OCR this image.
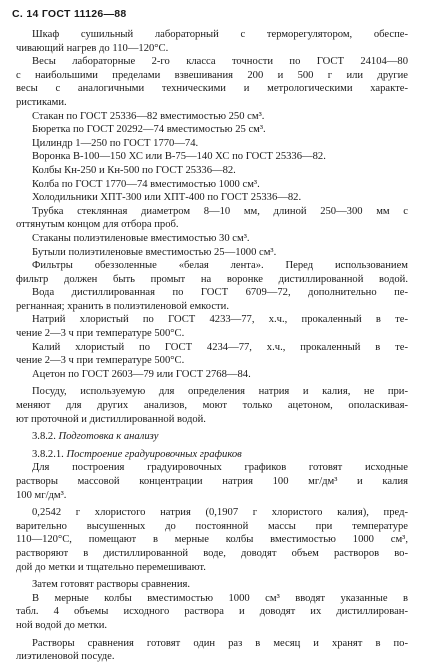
С. 14 ГОСТ 11126—88
Шкаф сушильный лабораторный с терморегулятором, обеспе-
чивающий нагрев до 110—120°С.
Весы лабораторные 2-го класса точности по ГОСТ 24104—80
с наибольшими пределами взвешивания 200 и 500 г или другие
весы с аналогичными техническими и метрологическими характе-
ристиками.
Стакан по ГОСТ 25336—82 вместимостью 250 см³.
Бюретка по ГОСТ 20292—74 вместимостью 25 см³.
Цилиндр 1—250 по ГОСТ 1770—74.
Воронка В-100—150 ХС или В-75—140 ХС по ГОСТ 25336—82.
Колбы Кн-250 и Кн-500 по ГОСТ 25336—82.
Колба по ГОСТ 1770—74 вместимостью 1000 см³.
Холодильники ХПТ-300 или ХПТ-400 по ГОСТ 25336—82.
Трубка стеклянная диаметром 8—10 мм, длиной 250—300 мм с
оттянутым концом для отбора проб.
Стаканы полиэтиленовые вместимостью 30 см³.
Бутыли полиэтиленовые вместимостью 25—1000 см³.
Фильтры обеззоленные «белая лента». Перед использованием
фильтр должен быть промыт на воронке дистиллированной водой.
Вода дистиллированная по ГОСТ 6709—72, дополнительно пе-
регнанная; хранить в полиэтиленовой емкости.
Натрий хлористый по ГОСТ 4233—77, х.ч., прокаленный в те-
чение 2—3 ч при температуре 500°С.
Калий хлористый по ГОСТ 4234—77, х.ч., прокаленный в те-
чение 2—3 ч при температуре 500°С.
Ацетон по ГОСТ 2603—79 или ГОСТ 2768—84.
Посуду, используемую для определения натрия и калия, не при-
меняют для других анализов, моют только ацетоном, ополаскивая-
ют проточной и дистиллированной водой.
3.8.2. Подготовка к анализу
3.8.2.1. Построение градуировочных графиков
Для построения градуировочных графиков готовят исходные
растворы массовой концентрации натрия 100 мг/дм³ и калия
100 мг/дм³.
0,2542 г хлористого натрия (0,1907 г хлористого калия), пред-
варительно высушенных до постоянной массы при температуре
110—120°С, помещают в мерные колбы вместимостью 1000 см³,
растворяют в дистиллированной воде, доводят объем растворов во-
дой до метки и тщательно перемешивают.
Затем готовят растворы сравнения.
В мерные колбы вместимостью 1000 см³ вводят указанные в
табл. 4 объемы исходного раствора и доводят их дистиллирован-
ной водой до метки.
Растворы сравнения готовят один раз в месяц и хранят в по-
лиэтиленовой посуде.
